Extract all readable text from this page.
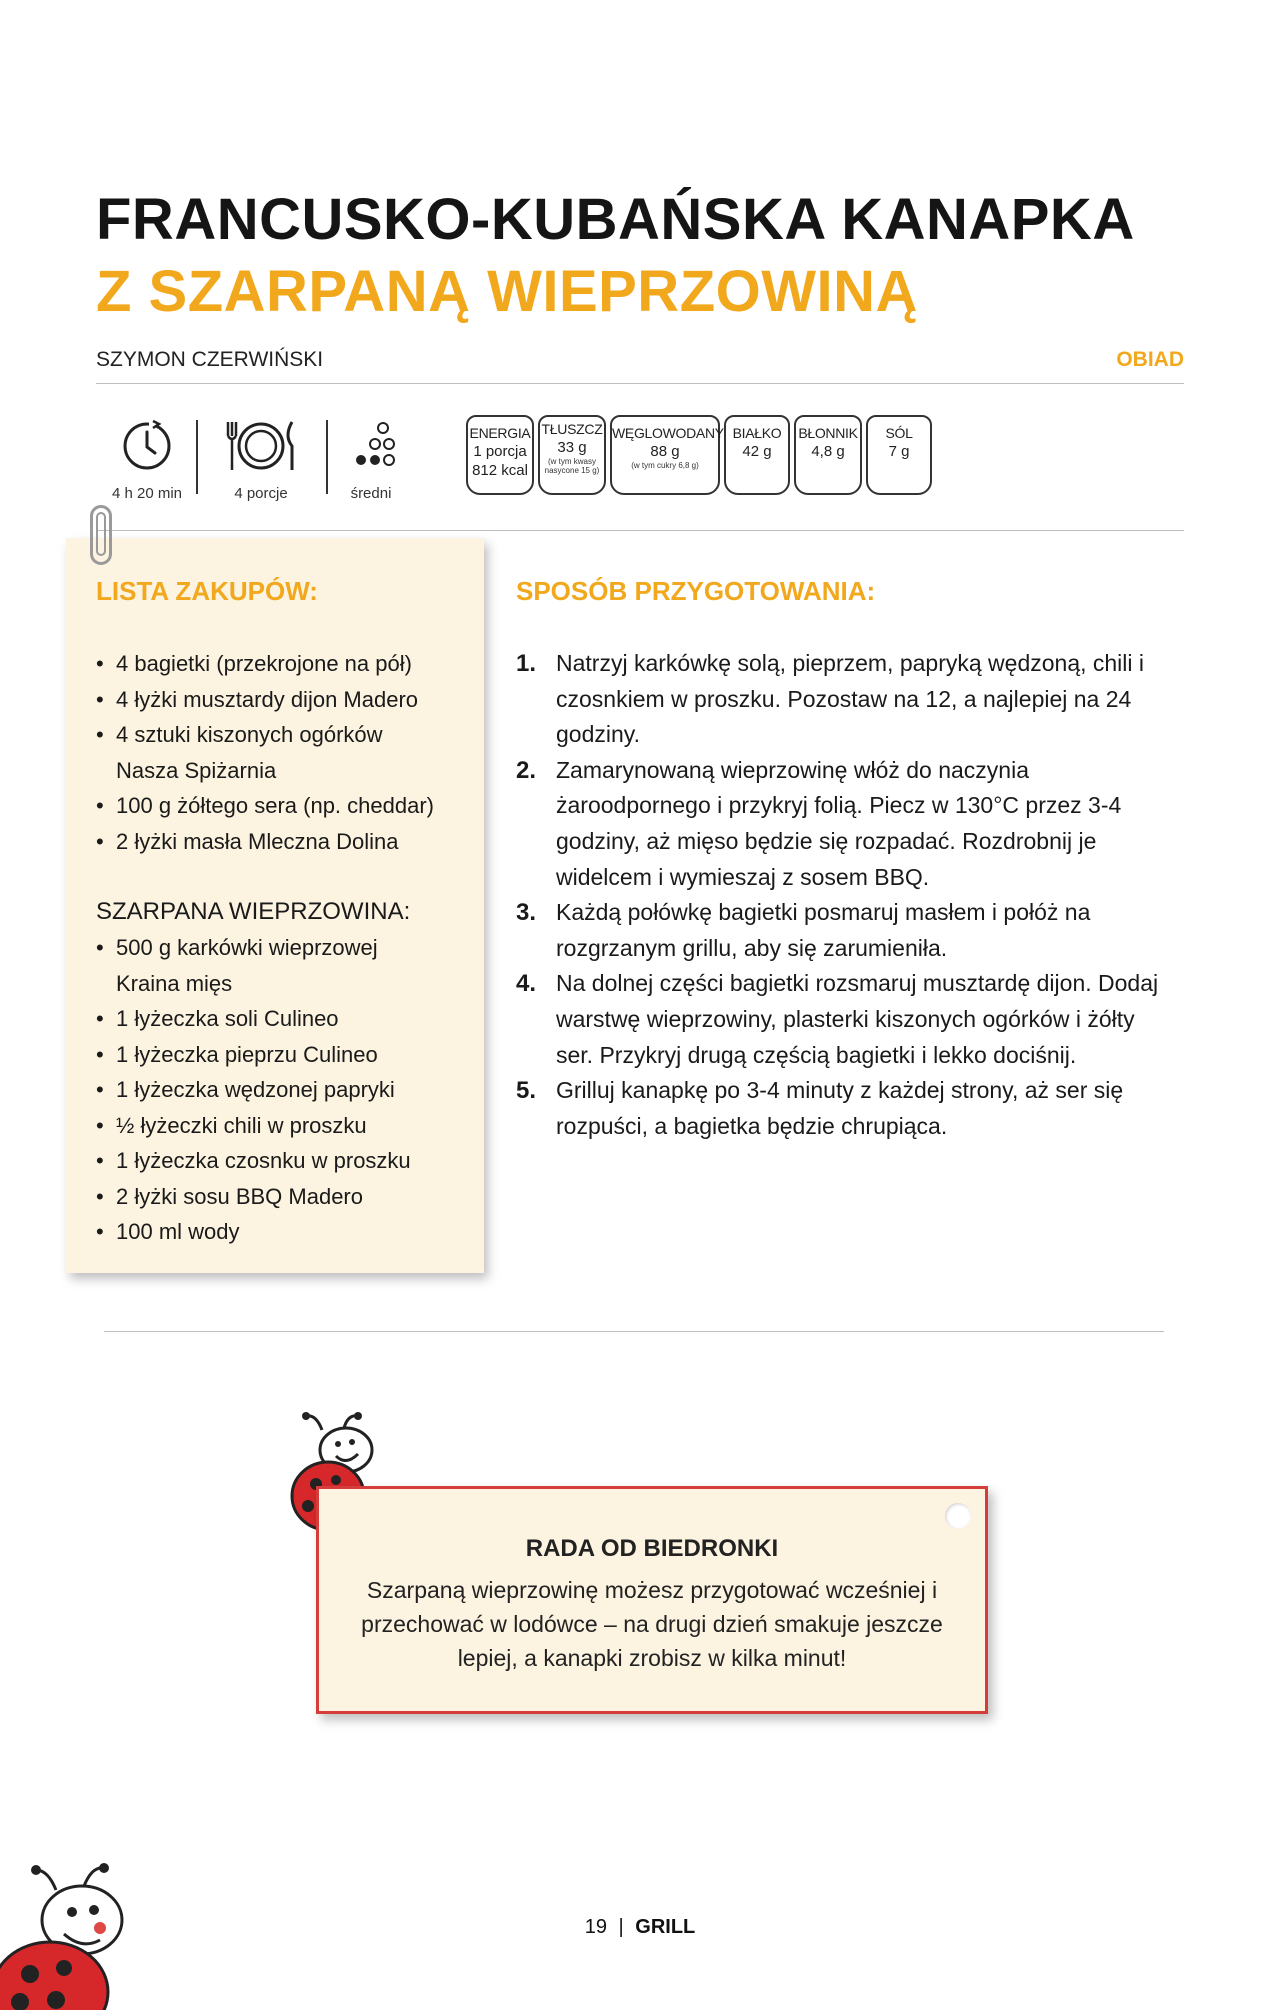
FRANCUSKO-KUBAŃSKA KANAPKA
Z SZARPANĄ WIEPRZOWINĄ
SZYMON CZERWIŃSKI	OBIAD
4 h 20 min	4 porcje	średni
ENERGIA
1 porcja
812 kcal
TŁUSZCZ
33 g
(w tym kwasy nasycone 15 g)
WĘGLOWODANY
88 g
(w tym cukry 6,8 g)
BIAŁKO
42 g
BŁONNIK
4,8 g
SÓL
7 g
LISTA ZAKUPÓW:
• 4 bagietki (przekrojone na pół)
• 4 łyżki musztardy dijon Madero
• 4 sztuki kiszonych ogórków Nasza Spiżarnia
• 100 g żółtego sera (np. cheddar)
• 2 łyżki masła Mleczna Dolina
SZARPANA WIEPRZOWINA:
• 500 g karkówki wieprzowej Kraina mięs
• 1 łyżeczka soli Culineo
• 1 łyżeczka pieprzu Culineo
• 1 łyżeczka wędzonej papryki
• ½ łyżeczki chili w proszku
• 1 łyżeczka czosnku w proszku
• 2 łyżki sosu BBQ Madero
• 100 ml wody
SPOSÓB PRZYGOTOWANIA:
1. Natrzyj karkówkę solą, pieprzem, papryką wędzoną, chili i czosnkiem w proszku. Pozostaw na 12, a najlepiej na 24 godziny.
2. Zamarynowaną wieprzowinę włóż do naczynia żaroodpornego i przykryj folią. Piecz w 130°C przez 3-4 godziny, aż mięso będzie się rozpadać. Rozdrobnij je widelcem i wymieszaj z sosem BBQ.
3. Każdą połówkę bagietki posmaruj masłem i połóż na rozgrzanym grillu, aby się zarumieniła.
4. Na dolnej części bagietki rozsmaruj musztardę dijon. Dodaj warstwę wieprzowiny, plasterki kiszonych ogórków i żółty ser. Przykryj drugą częścią bagietki i lekko dociśnij.
5. Grilluj kanapkę po 3-4 minuty z każdej strony, aż ser się rozpuści, a bagietka będzie chrupiąca.
RADA OD BIEDRONKI
Szarpaną wieprzowinę możesz przygotować wcześniej i przechować w lodówce – na drugi dzień smakuje jeszcze lepiej, a kanapki zrobisz w kilka minut!
19 | GRILL
